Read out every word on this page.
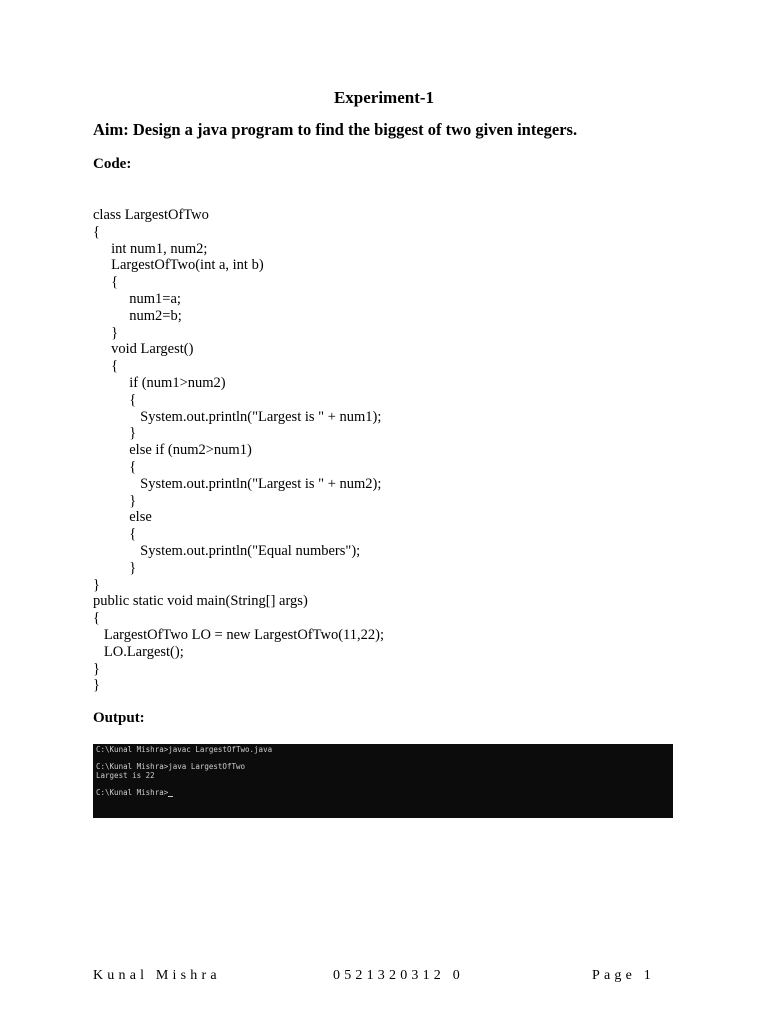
Experiment-1
Aim: Design a java program to find the biggest of two given integers.
Code:
class LargestOfTwo
{
int num1, num2;
LargestOfTwo(int a, int b)
{
num1=a;
num2=b;
}
void Largest()
{
if (num1>num2)
{
System.out.println("Largest is " + num1);
}
else if (num2>num1)
{
System.out.println("Largest is " + num2);
}
else
{
System.out.println("Equal numbers");
}
}
public static void main(String[] args)
{
LargestOfTwo LO = new LargestOfTwo(11,22);
LO.Largest();
}
}
Output:
C:\Kunal Mishra>javac LargestOfTwo.java
C:\Kunal Mishra>java LargestOfTwo
Largest is 22
C:\Kunal Mishra>
Kunal Mishra	0521320312 0	Page 1
